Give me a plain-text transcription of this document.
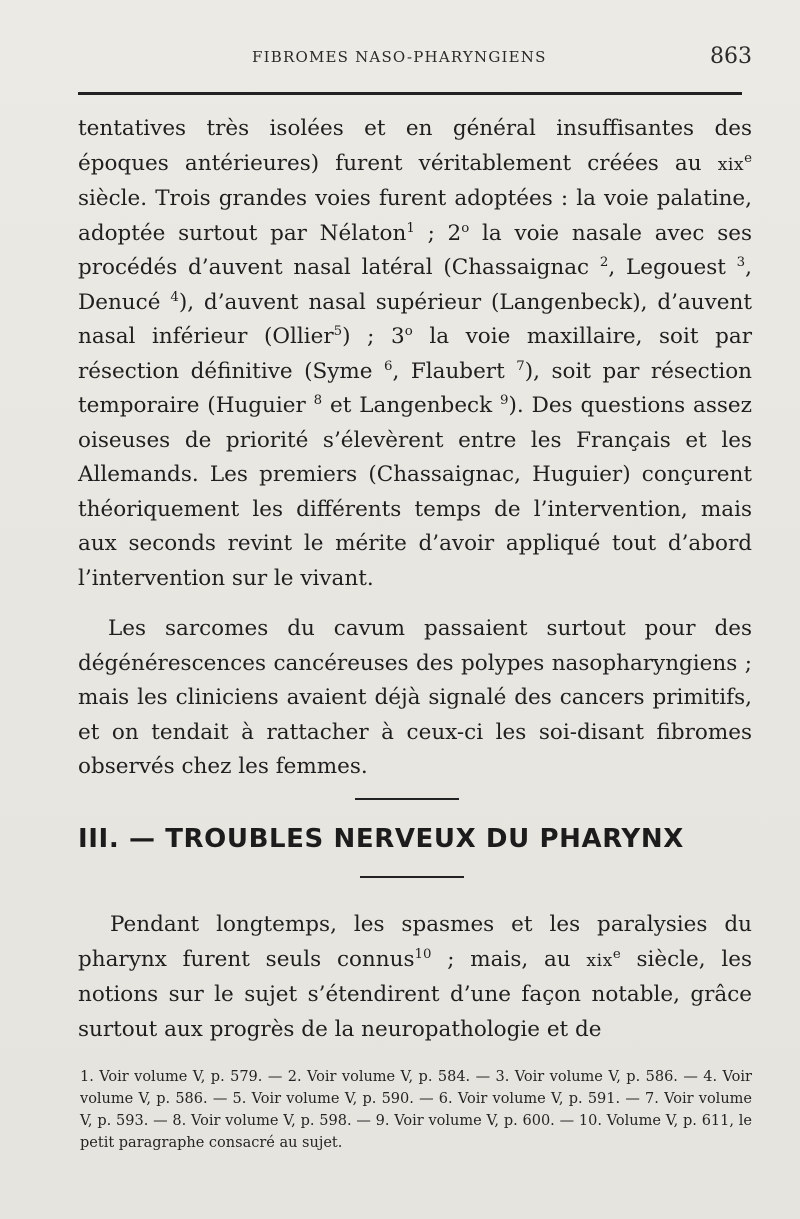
FIBROMES NASO-PHARYNGIENS	863

tentatives très isolées et en général insuffisantes des époques antérieures) furent véritablement créées au xix$^e$ siècle. Trois grandes voies furent adoptées : la voie palatine, adoptée surtout par Nélaton$^1$ ; 2$^o$ la voie nasale avec ses procédés d’auvent nasal latéral (Chassaignac $^2$, Legouest $^3$, Denucé $^4$), d’auvent nasal supérieur (Langenbeck), d’auvent nasal inférieur (Ollier$^5$) ; 3$^o$ la voie maxillaire, soit par résection définitive (Syme $^6$, Flaubert $^7$), soit par résection temporaire (Huguier $^8$ et Langenbeck $^9$). Des questions assez oiseuses de priorité s’élevèrent entre les Français et les Allemands. Les premiers (Chassaignac, Huguier) conçurent théoriquement les différents temps de l’intervention, mais aux seconds revint le mérite d’avoir appliqué tout d’abord l’intervention sur le vivant.

Les sarcomes du cavum passaient surtout pour des dégénérescences cancéreuses des polypes nasopharyngiens ; mais les cliniciens avaient déjà signalé des cancers primitifs, et on tendait à rattacher à ceux-ci les soi-disant fibromes observés chez les femmes.

III. — TROUBLES NERVEUX DU PHARYNX

Pendant longtemps, les spasmes et les paralysies du pharynx furent seuls connus$^{10}$ ; mais, au xix$^e$ siècle, les notions sur le sujet s’étendirent d’une façon notable, grâce surtout aux progrès de la neuropathologie et de

1. Voir volume V, p. 579. — 2. Voir volume V, p. 584. — 3. Voir volume V, p. 586. — 4. Voir volume V, p. 586. — 5. Voir volume V, p. 590. — 6. Voir volume V, p. 591. — 7. Voir volume V, p. 593. — 8. Voir volume V, p. 598. — 9. Voir volume V, p. 600. — 10. Volume V, p. 611, le petit paragraphe consacré au sujet.
